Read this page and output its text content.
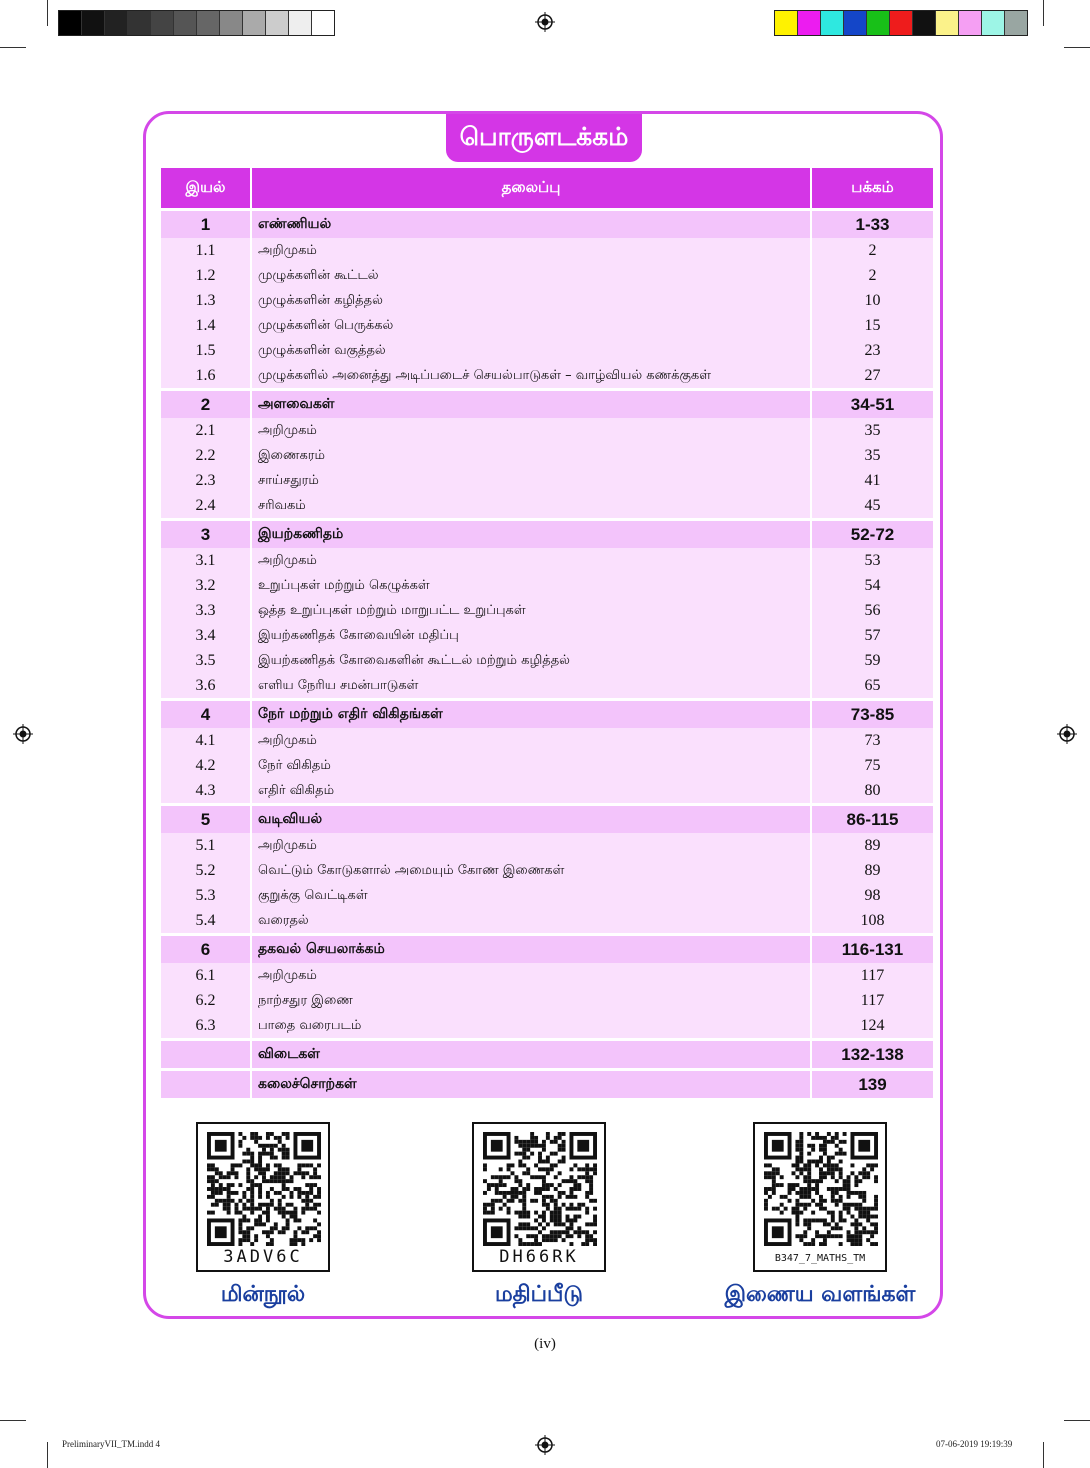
பொருளடக்கம்
இயல்	தலைப்பு	பக்கம்
1	எண்ணியல்	1-33
1.1	அறிமுகம்	2
1.2	முழுக்களின் கூட்டல்	2
1.3	முழுக்களின் கழித்தல்	10
1.4	முழுக்களின் பெருக்கல்	15
1.5	முழுக்களின் வகுத்தல்	23
1.6	முழுக்களில் அனைத்து அடிப்படைச் செயல்பாடுகள் – வாழ்வியல் கணக்குகள்	27
2	அளவைகள்	34-51
2.1	அறிமுகம்	35
2.2	இணைகரம்	35
2.3	சாய்சதுரம்	41
2.4	சரிவகம்	45
3	இயற்கணிதம்	52-72
3.1	அறிமுகம்	53
3.2	உறுப்புகள் மற்றும் கெழுக்கள்	54
3.3	ஒத்த உறுப்புகள் மற்றும் மாறுபட்ட உறுப்புகள்	56
3.4	இயற்கணிதக் கோவையின் மதிப்பு	57
3.5	இயற்கணிதக் கோவைகளின் கூட்டல் மற்றும் கழித்தல்	59
3.6	எளிய நேரிய சமன்பாடுகள்	65
4	நேர் மற்றும் எதிர் விகிதங்கள்	73-85
4.1	அறிமுகம்	73
4.2	நேர் விகிதம்	75
4.3	எதிர் விகிதம்	80
5	வடிவியல்	86-115
5.1	அறிமுகம்	89
5.2	வெட்டும் கோடுகளால் அமையும் கோண இணைகள்	89
5.3	குறுக்கு வெட்டிகள்	98
5.4	வரைதல்	108
6	தகவல் செயலாக்கம்	116-131
6.1	அறிமுகம்	117
6.2	நாற்சதுர இணை	117
6.3	பாதை வரைபடம்	124
	விடைகள்	132-138
	கலைச்சொற்கள்	139
3ADV6C
மின்நூல்
DH66RK
மதிப்பீடு
B347_7_MATHS_TM
இணைய வளங்கள்
(iv)
PreliminaryVII_TM.indd 4	07-06-2019 19:19:39
